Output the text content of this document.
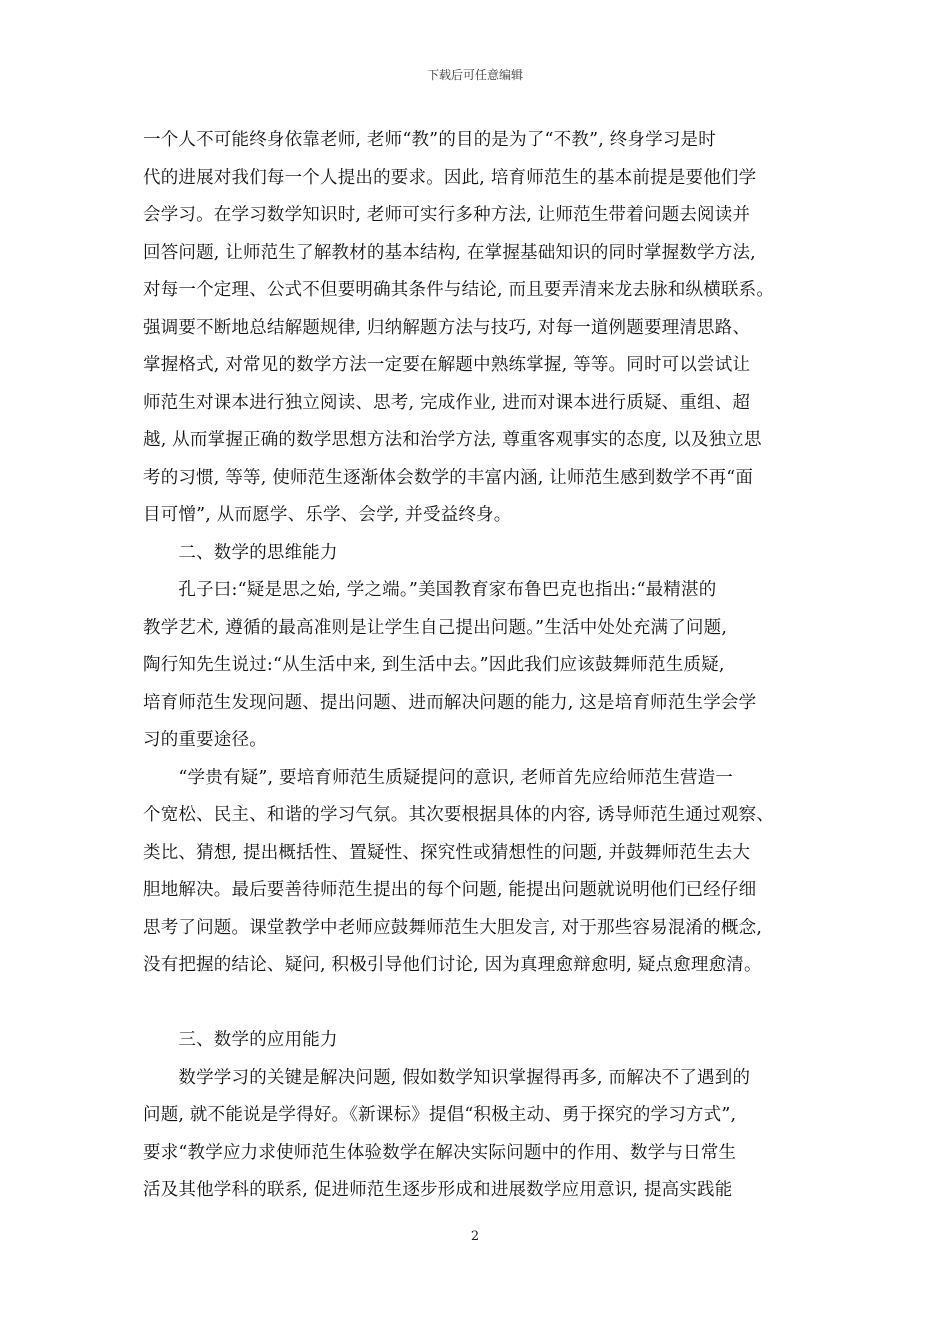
下载后可任意编辑
一个人不可能终身依靠老师, 老师“教”的目的是为了“不教”, 终身学习是时
代的进展对我们每一个人提出的要求。因此, 培育师范生的基本前提是要他们学
会学习。在学习数学知识时, 老师可实行多种方法, 让师范生带着问题去阅读并
回答问题, 让师范生了解教材的基本结构, 在掌握基础知识的同时掌握数学方法,
对每一个定理、公式不但要明确其条件与结论, 而且要弄清来龙去脉和纵横联系。
强调要不断地总结解题规律, 归纳解题方法与技巧, 对每一道例题要理清思路、
掌握格式, 对常见的数学方法一定要在解题中熟练掌握, 等等。同时可以尝试让
师范生对课本进行独立阅读、思考, 完成作业, 进而对课本进行质疑、重组、超
越, 从而掌握正确的数学思想方法和治学方法, 尊重客观事实的态度, 以及独立思
考的习惯, 等等, 使师范生逐渐体会数学的丰富内涵, 让师范生感到数学不再“面
目可憎”, 从而愿学、乐学、会学, 并受益终身。
　　二、数学的思维能力
　　孔子曰:“疑是思之始, 学之端。”美国教育家布鲁巴克也指出:“最精湛的
教学艺术, 遵循的最高准则是让学生自己提出问题。”生活中处处充满了问题,
陶行知先生说过:“从生活中来, 到生活中去。”因此我们应该鼓舞师范生质疑,
培育师范生发现问题、提出问题、进而解决问题的能力, 这是培育师范生学会学
习的重要途径。
　　“学贵有疑”, 要培育师范生质疑提问的意识, 老师首先应给师范生营造一
个宽松、民主、和谐的学习气氛。其次要根据具体的内容, 诱导师范生通过观察、
类比、猜想, 提出概括性、置疑性、探究性或猜想性的问题, 并鼓舞师范生去大
胆地解决。最后要善待师范生提出的每个问题, 能提出问题就说明他们已经仔细
思考了问题。课堂教学中老师应鼓舞师范生大胆发言, 对于那些容易混淆的概念,
没有把握的结论、疑问, 积极引导他们讨论, 因为真理愈辩愈明, 疑点愈理愈清。
　　三、数学的应用能力
　　数学学习的关键是解决问题, 假如数学知识掌握得再多, 而解决不了遇到的
问题, 就不能说是学得好。《新课标》提倡“积极主动、勇于探究的学习方式”,
要求“教学应力求使师范生体验数学在解决实际问题中的作用、数学与日常生
活及其他学科的联系, 促进师范生逐步形成和进展数学应用意识, 提高实践能
2
